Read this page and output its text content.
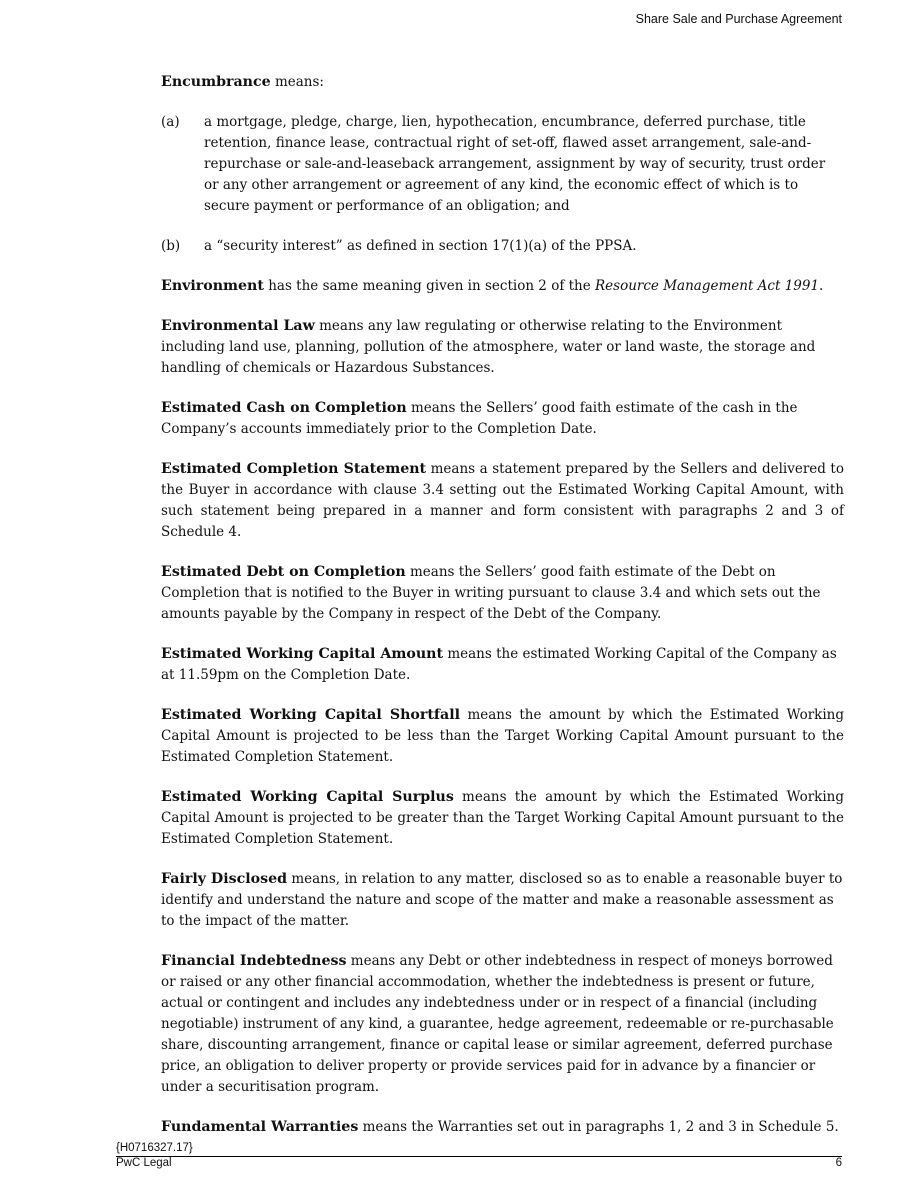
Share Sale and Purchase Agreement

Encumbrance means:

(a)	a mortgage, pledge, charge, lien, hypothecation, encumbrance, deferred purchase, title retention, finance lease, contractual right of set-off, flawed asset arrangement, sale-and-repurchase or sale-and-leaseback arrangement, assignment by way of security, trust order or any other arrangement or agreement of any kind, the economic effect of which is to secure payment or performance of an obligation; and
(b)	a “security interest” as defined in section 17(1)(a) of the PPSA.

Environment has the same meaning given in section 2 of the Resource Management Act 1991.

Environmental Law means any law regulating or otherwise relating to the Environment including land use, planning, pollution of the atmosphere, water or land waste, the storage and handling of chemicals or Hazardous Substances.

Estimated Cash on Completion means the Sellers’ good faith estimate of the cash in the Company’s accounts immediately prior to the Completion Date.

Estimated Completion Statement means a statement prepared by the Sellers and delivered to the Buyer in accordance with clause 3.4 setting out the Estimated Working Capital Amount, with such statement being prepared in a manner and form consistent with paragraphs 2 and 3 of Schedule 4.

Estimated Debt on Completion means the Sellers’ good faith estimate of the Debt on Completion that is notified to the Buyer in writing pursuant to clause 3.4 and which sets out the amounts payable by the Company in respect of the Debt of the Company.

Estimated Working Capital Amount means the estimated Working Capital of the Company as at 11.59pm on the Completion Date.

Estimated Working Capital Shortfall means the amount by which the Estimated Working Capital Amount is projected to be less than the Target Working Capital Amount pursuant to the Estimated Completion Statement.

Estimated Working Capital Surplus means the amount by which the Estimated Working Capital Amount is projected to be greater than the Target Working Capital Amount pursuant to the Estimated Completion Statement.

Fairly Disclosed means, in relation to any matter, disclosed so as to enable a reasonable buyer to identify and understand the nature and scope of the matter and make a reasonable assessment as to the impact of the matter.

Financial Indebtedness means any Debt or other indebtedness in respect of moneys borrowed or raised or any other financial accommodation, whether the indebtedness is present or future, actual or contingent and includes any indebtedness under or in respect of a financial (including negotiable) instrument of any kind, a guarantee, hedge agreement, redeemable or re-purchasable share, discounting arrangement, finance or capital lease or similar agreement, deferred purchase price, an obligation to deliver property or provide services paid for in advance by a financier or under a securitisation program.

Fundamental Warranties means the Warranties set out in paragraphs 1, 2 and 3 in Schedule 5.

{H0716327.17}
PwC Legal	6
